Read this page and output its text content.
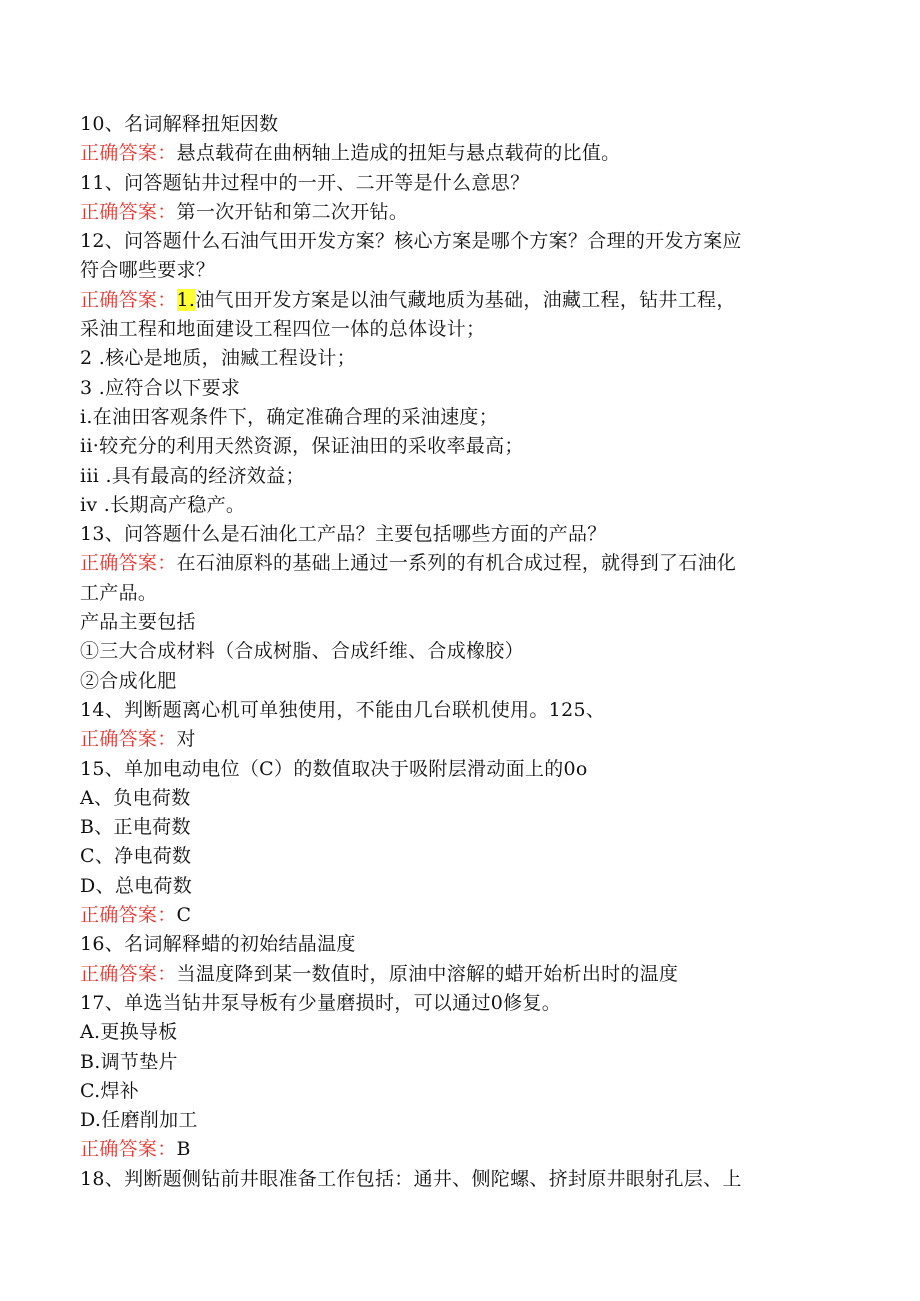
10、名词解释扭矩因数
正确答案：悬点载荷在曲柄轴上造成的扭矩与悬点载荷的比值。
11、问答题钻井过程中的一开、二开等是什么意思？
正确答案：第一次开钻和第二次开钻。
12、问答题什么石油气田开发方案？核心方案是哪个方案？合理的开发方案应
符合哪些要求？
正确答案：1.油气田开发方案是以油气藏地质为基础，油藏工程，钻井工程，
采油工程和地面建设工程四位一体的总体设计；
2 .核心是地质，油臧工程设计；
3 .应符合以下要求
i.在油田客观条件下，确定准确合理的采油速度；
ii·较充分的利用天然资源，保证油田的采收率最高；
iii .具有最高的经济效益；
iv .长期高产稳产。
13、问答题什么是石油化工产品？主要包括哪些方面的产品？
正确答案：在石油原料的基础上通过一系列的有机合成过程，就得到了石油化
工产品。
产品主要包括
①三大合成材料（合成树脂、合成纤维、合成橡胶）
②合成化肥
14、判断题离心机可单独使用，不能由几台联机使用。125、
正确答案：对
15、单加电动电位（C）的数值取决于吸附层滑动面上的0o
A、负电荷数
B、正电荷数
C、净电荷数
D、总电荷数
正确答案：C
16、名词解释蜡的初始结晶温度
正确答案：当温度降到某一数值时，原油中溶解的蜡开始析出时的温度
17、单选当钻井泵导板有少量磨损时，可以通过0修复。
A.更换导板
B.调节垫片
C.焊补
D.任磨削加工
正确答案：B
18、判断题侧钻前井眼准备工作包括：通井、侧陀螺、挤封原井眼射孔层、上
